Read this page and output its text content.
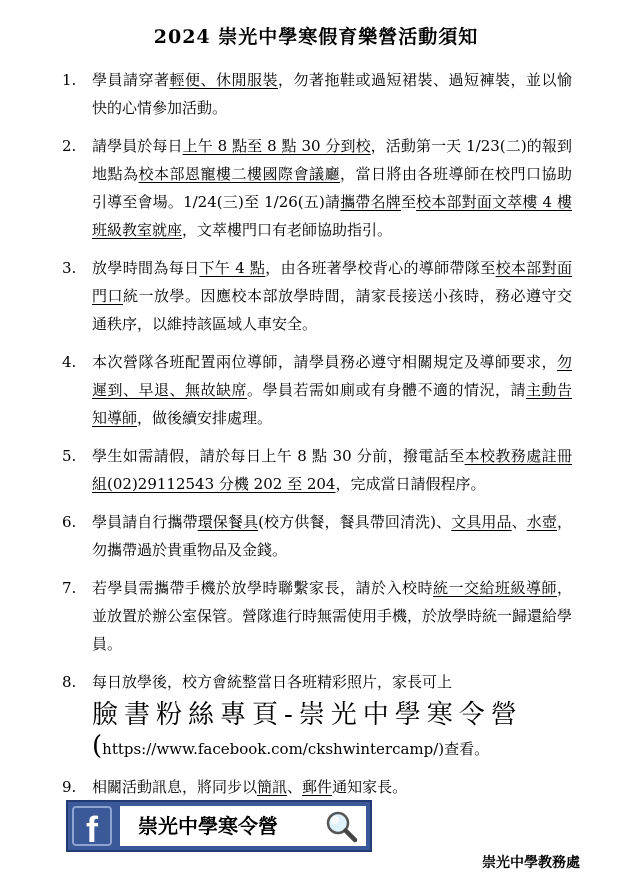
2024 崇光中學寒假育樂營活動須知
1.	學員請穿著輕便、休閒服裝，勿著拖鞋或過短裙裝、過短褲裝，並以愉快的心情參加活動。
2.	請學員於每日上午 8 點至 8 點 30 分到校，活動第一天 1/23(二)的報到地點為校本部恩寵樓二樓國際會議廳，當日將由各班導師在校門口協助引導至會場。1/24(三)至 1/26(五)請攜帶名牌至校本部對面文萃樓 4 樓班級教室就座，文萃樓門口有老師協助指引。
3.	放學時間為每日下午 4 點，由各班著學校背心的導師帶隊至校本部對面門口統一放學。因應校本部放學時間，請家長接送小孩時，務必遵守交通秩序，以維持該區域人車安全。
4.	本次營隊各班配置兩位導師，請學員務必遵守相關規定及導師要求，勿遲到、早退、無故缺席。學員若需如廁或有身體不適的情況，請主動告知導師，做後續安排處理。
5.	學生如需請假，請於每日上午 8 點 30 分前，撥電話至本校教務處註冊組(02)29112543 分機 202 至 204，完成當日請假程序。
6.	學員請自行攜帶環保餐具(校方供餐，餐具帶回清洗)、文具用品、水壺，勿攜帶過於貴重物品及金錢。
7.	若學員需攜帶手機於放學時聯繫家長，請於入校時統一交給班級導師，並放置於辦公室保管。營隊進行時無需使用手機，於放學時統一歸還給學員。
8.	每日放學後，校方會統整當日各班精彩照片，家長可上
臉書粉絲專頁-崇光中學寒令營
(https://www.facebook.com/ckshwintercamp/)查看。
9.	相關活動訊息，將同步以簡訊、郵件通知家長。
f	崇光中學寒令營
崇光中學教務處
